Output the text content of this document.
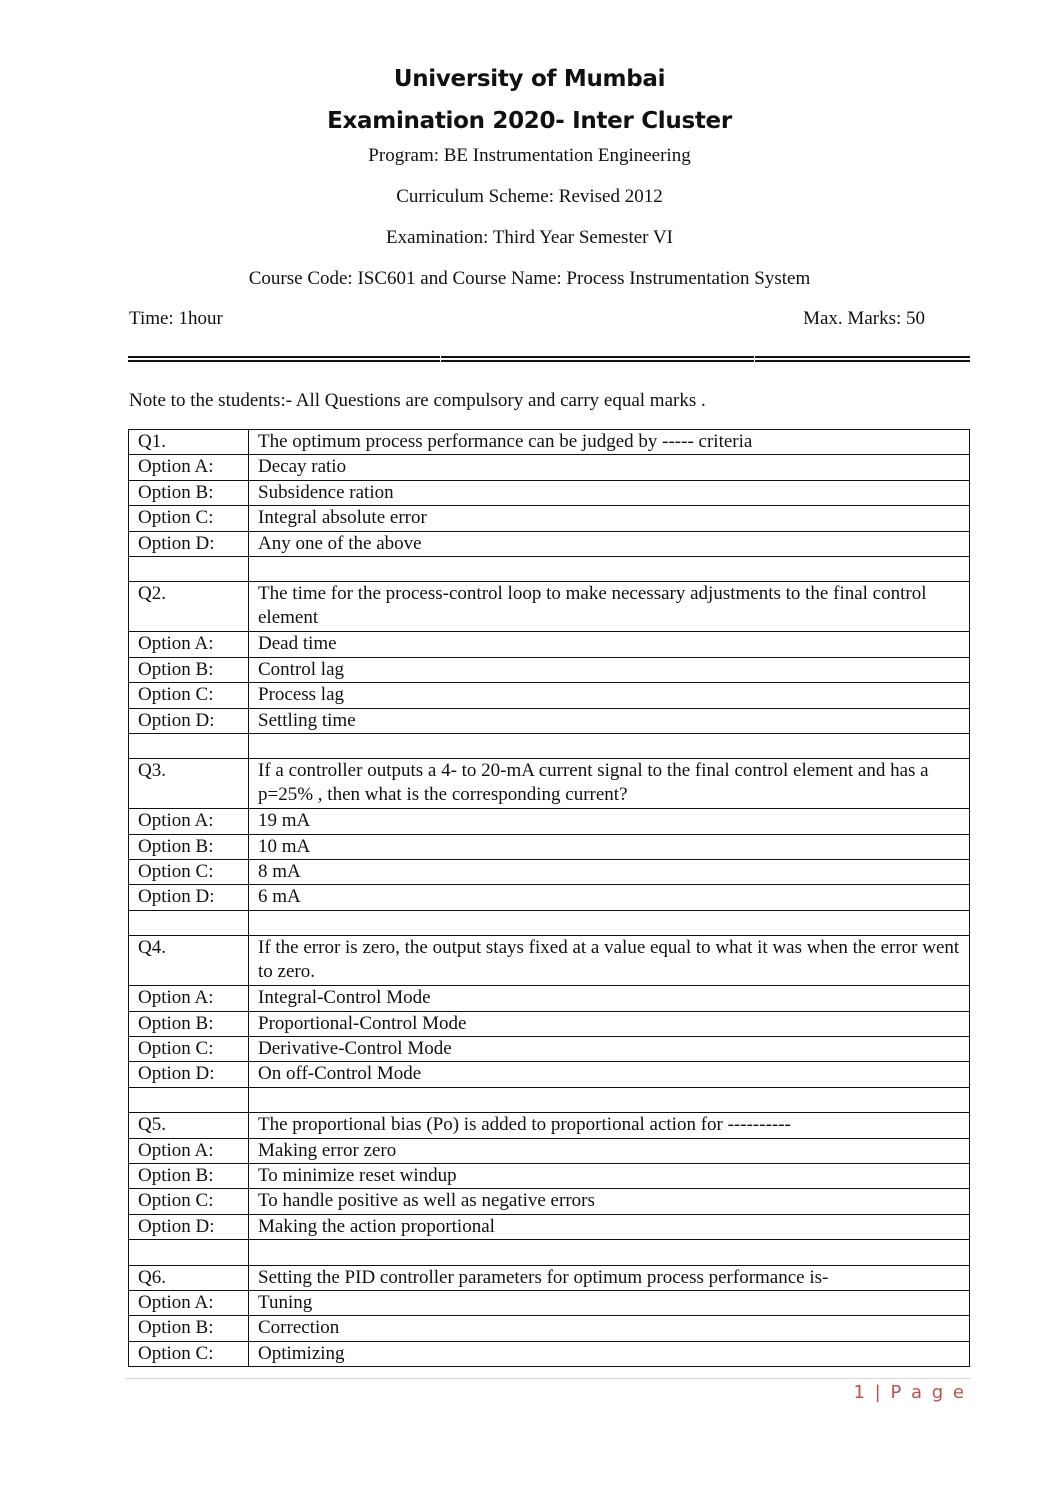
University of Mumbai
Examination 2020- Inter Cluster
Program: BE Instrumentation Engineering
Curriculum Scheme: Revised 2012
Examination: Third Year Semester VI
Course Code: ISC601 and Course Name: Process Instrumentation System
Time: 1hour	Max. Marks: 50
Note to the students:- All Questions are compulsory and carry equal marks .
Q1.	The optimum process performance can be judged by ----- criteria
Option A:	Decay ratio
Option B:	Subsidence ration
Option C:	Integral absolute error
Option D:	Any one of the above

Q2.	The time for the process-control loop to make necessary adjustments to the final control element
Option A:	Dead time
Option B:	Control lag
Option C:	Process lag
Option D:	Settling time

Q3.	If a controller outputs a 4- to 20-mA current signal to the final control element and has a p=25% , then what is the corresponding current?
Option A:	19 mA
Option B:	10 mA
Option C:	8 mA
Option D:	6 mA

Q4.	If the error is zero, the output stays fixed at a value equal to what it was when the error went to zero.
Option A:	Integral-Control Mode
Option B:	Proportional-Control Mode
Option C:	Derivative-Control Mode
Option D:	On off-Control Mode

Q5.	The proportional bias (Po) is added to proportional action for ----------
Option A:	Making error zero
Option B:	To minimize reset windup
Option C:	To handle positive as well as negative errors
Option D:	Making the action proportional

Q6.	Setting the PID controller parameters for optimum process performance is-
Option A:	Tuning
Option B:	Correction
Option C:	Optimizing
1 | P a g e
